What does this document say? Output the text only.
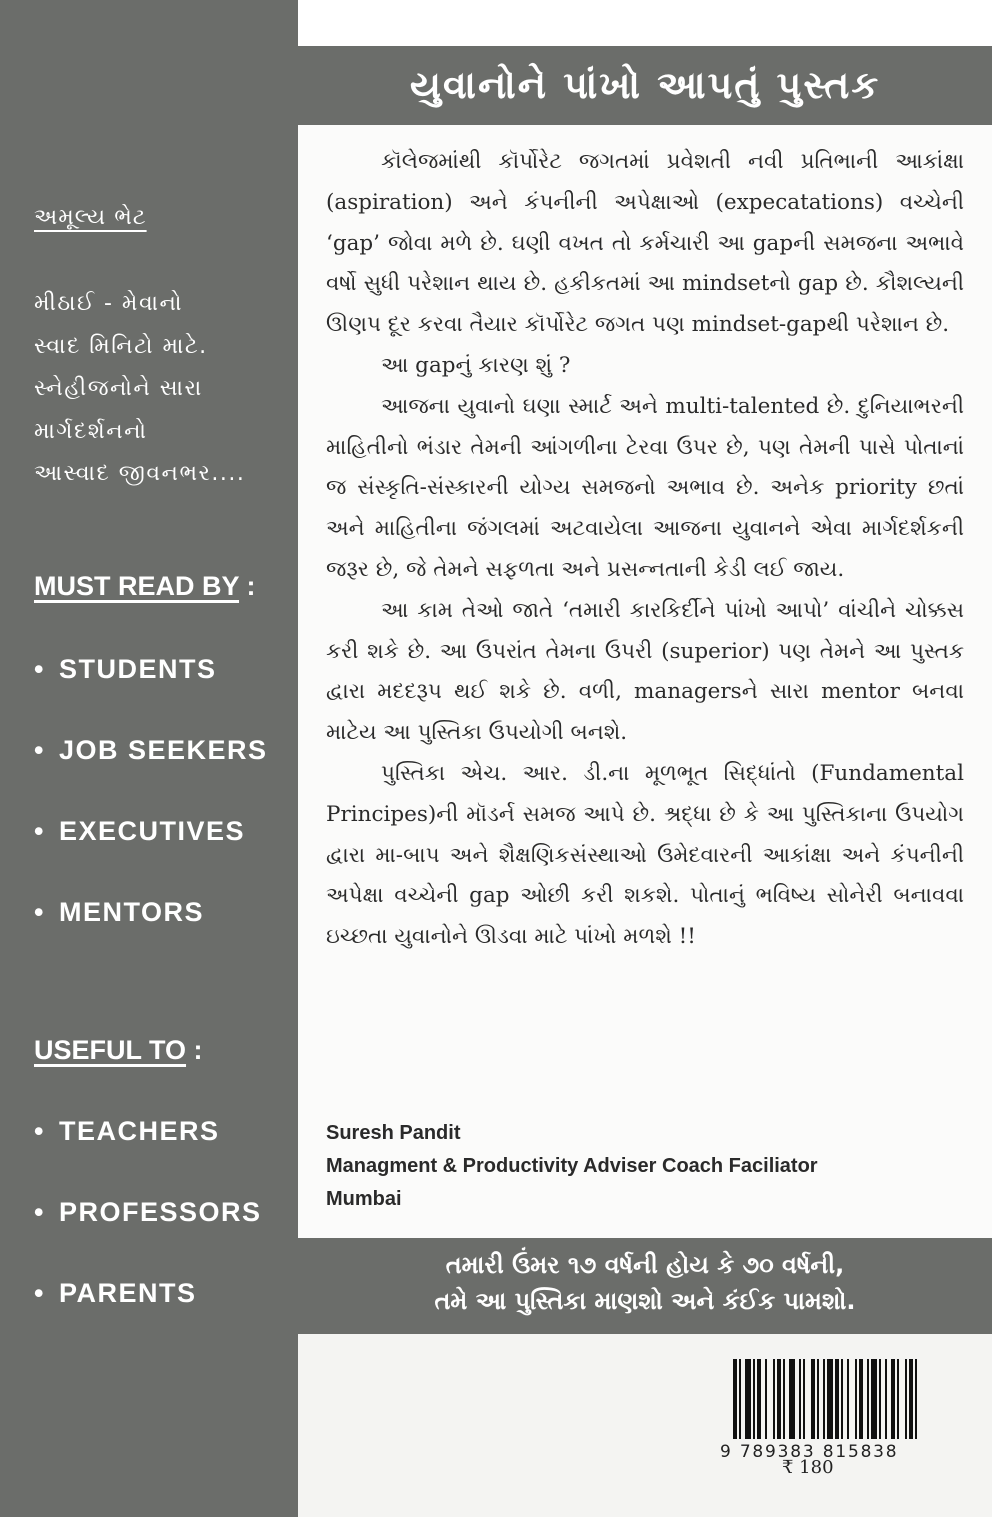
અમૂલ્ય ભેટ
મીઠાઈ - મેવાનો
સ્વાદ મિનિટો માટે.
સ્નેહીજનોને સારા
માર્ગદર્શનનો
આસ્વાદ જીવનભર....
MUST READ BY :
• STUDENTS
• JOB SEEKERS
• EXECUTIVES
• MENTORS
USEFUL TO :
• TEACHERS
• PROFESSORS
• PARENTS
યુવાનોને પાંખો આપતું પુસ્તક

કૉલેજમાંથી કૉર્પોરેટ જગતમાં પ્રવેશતી નવી પ્રતિભાની આકાંક્ષા (aspiration) અને કંપનીની અપેક્ષાઓ (expecatations) વચ્ચેની ‘gap’ જોવા મળે છે. ઘણી વખત તો કર્મચારી આ gapની સમજના અભાવે વર્ષો સુધી પરેશાન થાય છે. હકીકતમાં આ mindsetનો gap છે. કૌશલ્યની ઊણપ દૂર કરવા તૈયાર કૉર્પોરેટ જગત પણ mindset-gapથી પરેશાન છે.

આ gapનું કારણ શું ?

આજના યુવાનો ઘણા સ્માર્ટ અને multi-talented છે. દુનિયાભરની માહિતીનો ભંડાર તેમની આંગળીના ટેરવા ઉપર છે, પણ તેમની પાસે પોતાનાં જ સંસ્કૃતિ-સંસ્કારની યોગ્ય સમજનો અભાવ છે. અનેક priority છતાં અને માહિતીના જંગલમાં અટવાયેલા આજના યુવાનને એવા માર્ગદર્શકની જરૂર છે, જે તેમને સફળતા અને પ્રસન્નતાની કેડી લઈ જાય.

આ કામ તેઓ જાતે ‘તમારી કારકિર્દીને પાંખો આપો’ વાંચીને ચોક્કસ કરી શકે છે. આ ઉપરાંત તેમના ઉપરી (superior) પણ તેમને આ પુસ્તક દ્વારા મદદરૂપ થઈ શકે છે. વળી, managersને સારા mentor બનવા માટેય આ પુસ્તિકા ઉપયોગી બનશે.

પુસ્તિકા એચ. આર. ડી.ના મૂળભૂત સિદ્ધાંતો (Fundamental Principes)ની મૉડર્ન સમજ આપે છે. શ્રદ્ધા છે કે આ પુસ્તિકાના ઉપયોગ દ્વારા મા-બાપ અને શૈક્ષણિકસંસ્થાઓ ઉમેદવારની આકાંક્ષા અને કંપનીની અપેક્ષા વચ્ચેની gap ઓછી કરી શકશે. પોતાનું ભવિષ્ય સોનેરી બનાવવા ઇચ્છતા યુવાનોને ઊડવા માટે પાંખો મળશે !!

Suresh Pandit
Managment & Productivity Adviser Coach Faciliator
Mumbai
તમારી ઉંમર ૧૭ વર્ષની હોય કે ૭૦ વર્ષની,
તમે આ પુસ્તિકા માણશો અને કંઈક પામશો.
9 789383 815838
₹ 180
